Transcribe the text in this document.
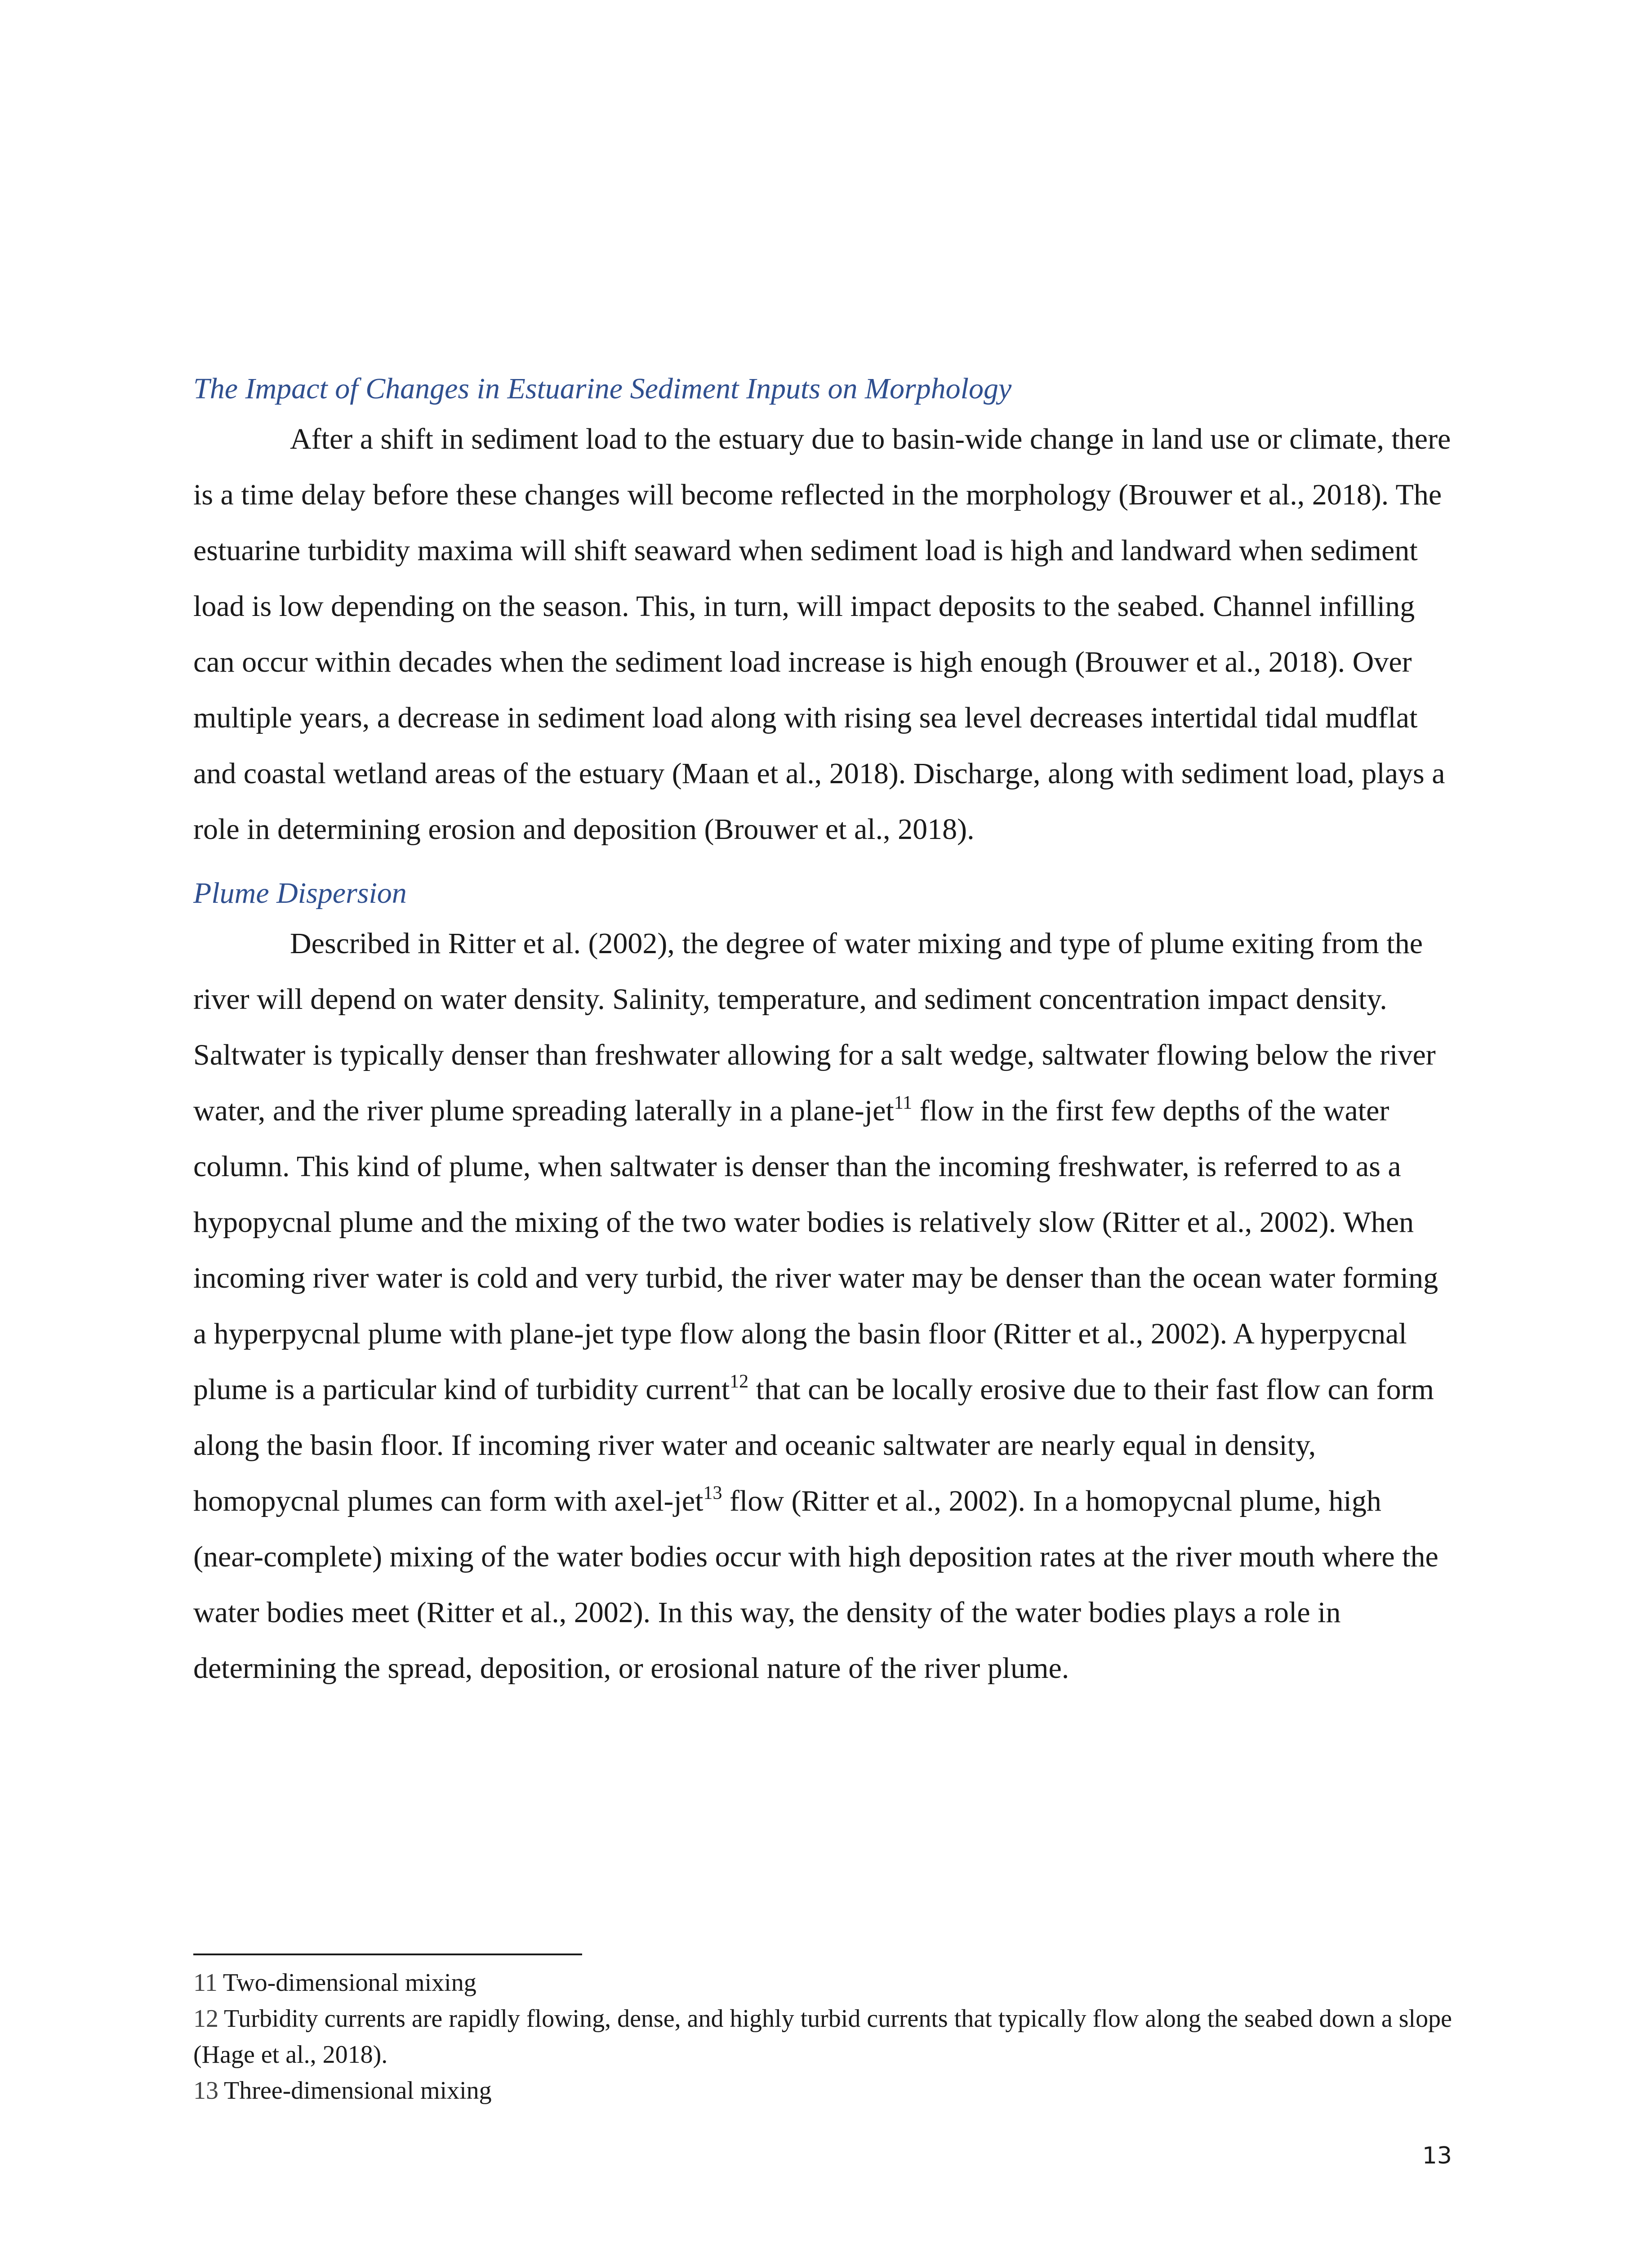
The Impact of Changes in Estuarine Sediment Inputs on Morphology

After a shift in sediment load to the estuary due to basin-wide change in land use or climate, there is a time delay before these changes will become reflected in the morphology (Brouwer et al., 2018). The estuarine turbidity maxima will shift seaward when sediment load is high and landward when sediment load is low depending on the season. This, in turn, will impact deposits to the seabed. Channel infilling can occur within decades when the sediment load increase is high enough (Brouwer et al., 2018). Over multiple years, a decrease in sediment load along with rising sea level decreases intertidal tidal mudflat and coastal wetland areas of the estuary (Maan et al., 2018). Discharge, along with sediment load, plays a role in determining erosion and deposition (Brouwer et al., 2018).

Plume Dispersion

Described in Ritter et al. (2002), the degree of water mixing and type of plume exiting from the river will depend on water density. Salinity, temperature, and sediment concentration impact density. Saltwater is typically denser than freshwater allowing for a salt wedge, saltwater flowing below the river water, and the river plume spreading laterally in a plane-jet$^{11}$ flow in the first few depths of the water column. This kind of plume, when saltwater is denser than the incoming freshwater, is referred to as a hypopycnal plume and the mixing of the two water bodies is relatively slow (Ritter et al., 2002). When incoming river water is cold and very turbid, the river water may be denser than the ocean water forming a hyperpycnal plume with plane-jet type flow along the basin floor (Ritter et al., 2002). A hyperpycnal plume is a particular kind of turbidity current$^{12}$ that can be locally erosive due to their fast flow can form along the basin floor. If incoming river water and oceanic saltwater are nearly equal in density, homopycnal plumes can form with axel-jet$^{13}$ flow (Ritter et al., 2002). In a homopycnal plume, high (near-complete) mixing of the water bodies occur with high deposition rates at the river mouth where the water bodies meet (Ritter et al., 2002). In this way, the density of the water bodies plays a role in determining the spread, deposition, or erosional nature of the river plume.

11 Two-dimensional mixing

12 Turbidity currents are rapidly flowing, dense, and highly turbid currents that typically flow along the seabed down a slope (Hage et al., 2018).

13 Three-dimensional mixing

13
